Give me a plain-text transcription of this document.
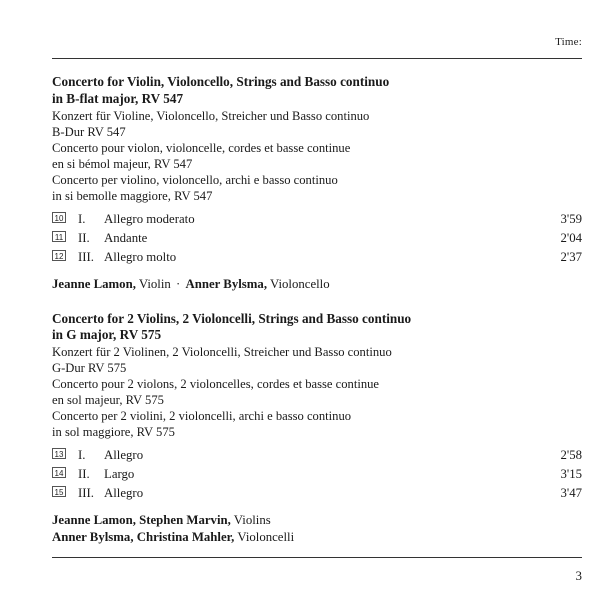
Time:
Concerto for Violin, Violoncello, Strings and Basso continuo
in B-flat major, RV 547
Konzert für Violine, Violoncello, Streicher und Basso continuo
B-Dur RV 547
Concerto pour violon, violoncelle, cordes et basse continue
en si bémol majeur, RV 547
Concerto per violino, violoncello, archi e basso continuo
in si bemolle maggiore, RV 547
10 I. Allegro moderato	3'59
11 II. Andante	2'04
12 III. Allegro molto	2'37
Jeanne Lamon, Violin · Anner Bylsma, Violoncello
Concerto for 2 Violins, 2 Violoncelli, Strings and Basso continuo
in G major, RV 575
Konzert für 2 Violinen, 2 Violoncelli, Streicher und Basso continuo
G-Dur RV 575
Concerto pour 2 violons, 2 violoncelles, cordes et basse continue
en sol majeur, RV 575
Concerto per 2 violini, 2 violoncelli, archi e basso continuo
in sol maggiore, RV 575
13 I. Allegro	2'58
14 II. Largo	3'15
15 III. Allegro	3'47
Jeanne Lamon, Stephen Marvin, Violins
Anner Bylsma, Christina Mahler, Violoncelli
3
